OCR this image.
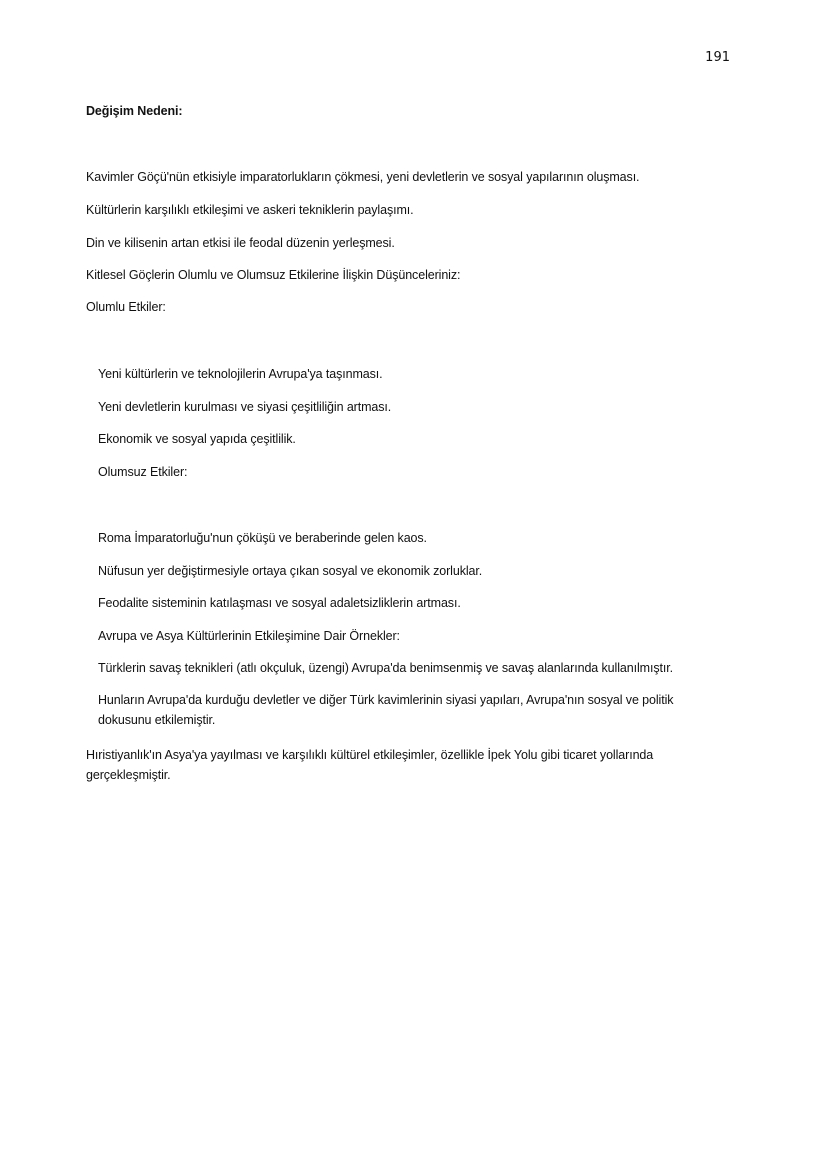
191
Değişim Nedeni:
Kavimler Göçü'nün etkisiyle imparatorlukların çökmesi, yeni devletlerin ve sosyal yapılarının oluşması.
Kültürlerin karşılıklı etkileşimi ve askeri tekniklerin paylaşımı.
Din ve kilisenin artan etkisi ile feodal düzenin yerleşmesi.
Kitlesel Göçlerin Olumlu ve Olumsuz Etkilerine İlişkin Düşünceleriniz:
Olumlu Etkiler:
Yeni kültürlerin ve teknolojilerin Avrupa'ya taşınması.
Yeni devletlerin kurulması ve siyasi çeşitliliğin artması.
Ekonomik ve sosyal yapıda çeşitlilik.
Olumsuz Etkiler:
Roma İmparatorluğu'nun çöküşü ve beraberinde gelen kaos.
Nüfusun yer değiştirmesiyle ortaya çıkan sosyal ve ekonomik zorluklar.
Feodalite sisteminin katılaşması ve sosyal adaletsizliklerin artması.
Avrupa ve Asya Kültürlerinin Etkileşimine Dair Örnekler:
Türklerin savaş teknikleri (atlı okçuluk, üzengi) Avrupa'da benimsenmiş ve savaş alanlarında kullanılmıştır.
Hunların Avrupa'da kurduğu devletler ve diğer Türk kavimlerinin siyasi yapıları, Avrupa'nın sosyal ve politik dokusunu etkilemiştir.
Hıristiyanlık'ın Asya'ya yayılması ve karşılıklı kültürel etkileşimler, özellikle İpek Yolu gibi ticaret yollarında gerçekleşmiştir.
